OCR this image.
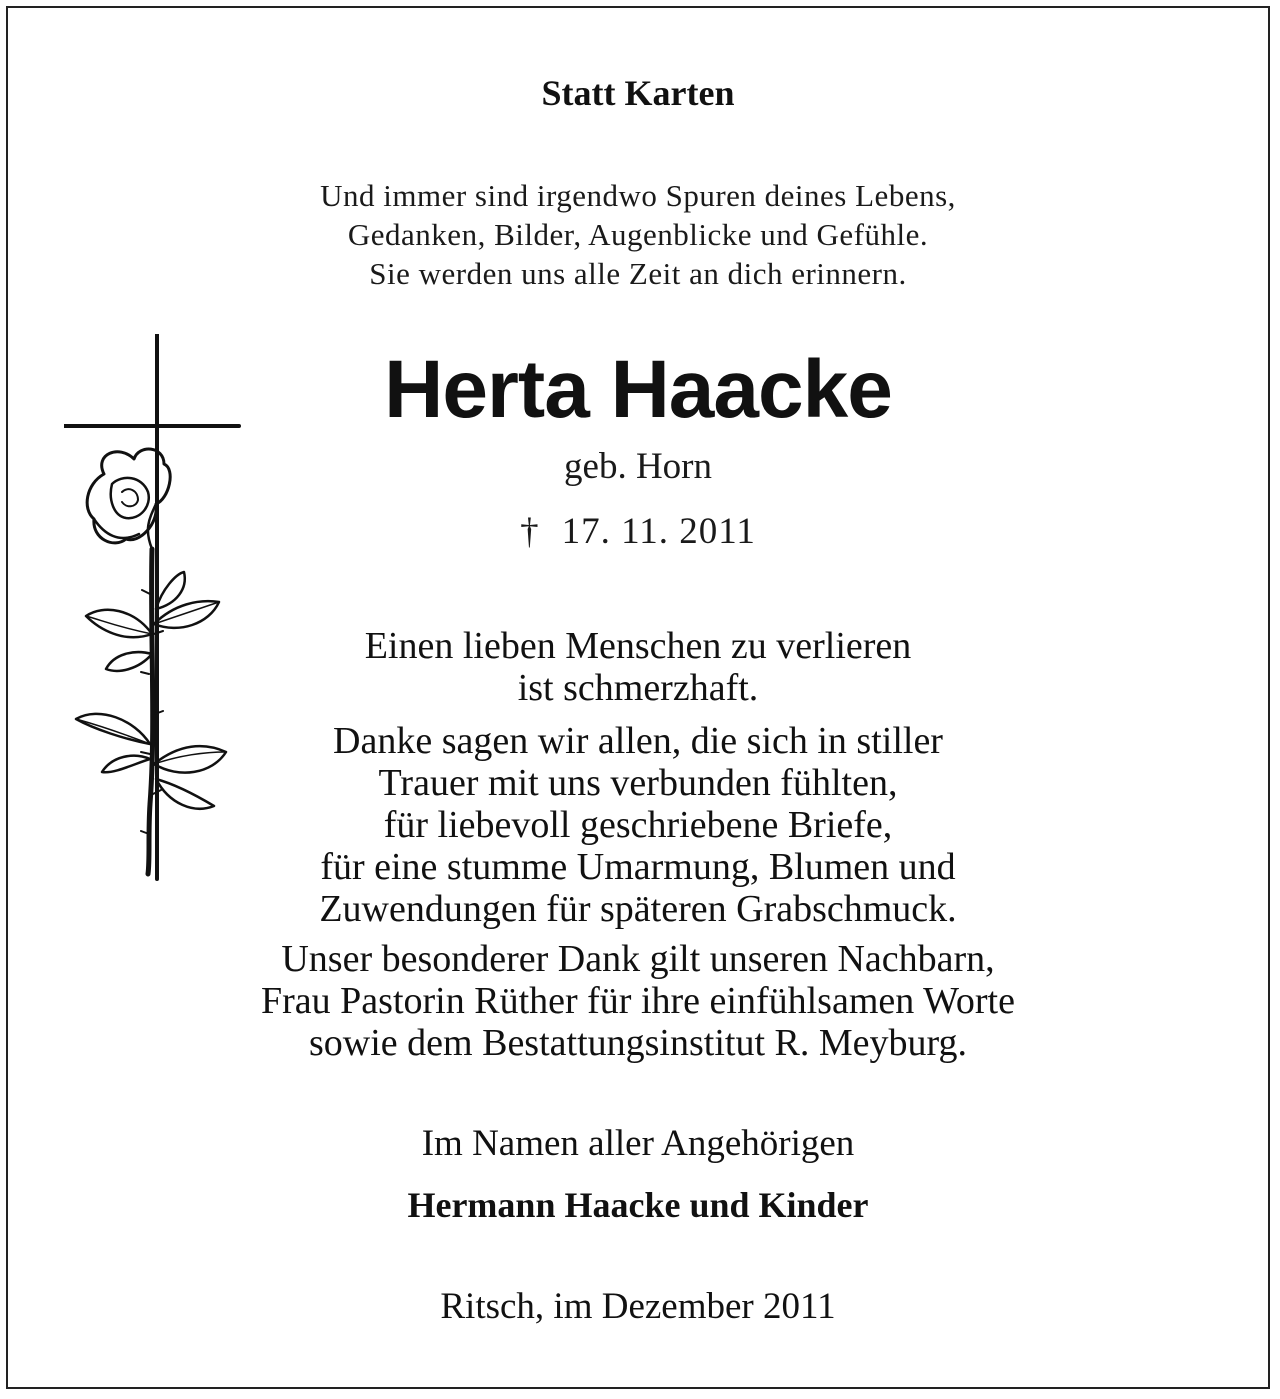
Statt Karten
Und immer sind irgendwo Spuren deines Lebens,
Gedanken, Bilder, Augenblicke und Gefühle.
Sie werden uns alle Zeit an dich erinnern.
Herta Haacke
geb. Horn
† 17. 11. 2011
Einen lieben Menschen zu verlieren
ist schmerzhaft.
Danke sagen wir allen, die sich in stiller
Trauer mit uns verbunden fühlten,
für liebevoll geschriebene Briefe,
für eine stumme Umarmung, Blumen und
Zuwendungen für späteren Grabschmuck.
Unser besonderer Dank gilt unseren Nachbarn,
Frau Pastorin Rüther für ihre einfühlsamen Worte
sowie dem Bestattungsinstitut R. Meyburg.
Im Namen aller Angehörigen
Hermann Haacke und Kinder
Ritsch, im Dezember 2011
